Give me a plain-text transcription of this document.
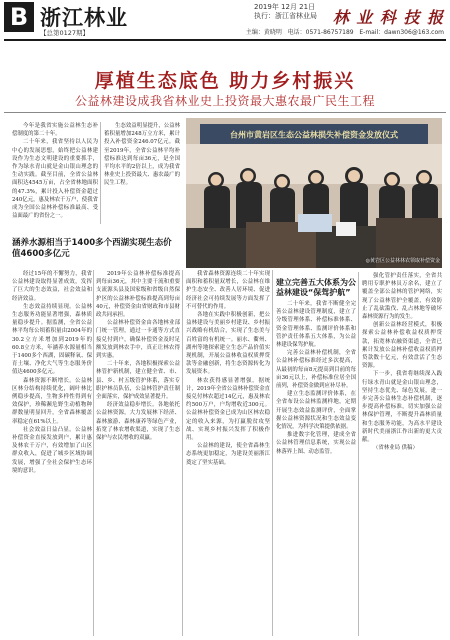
B 浙江林业
【总第0127期】
2019年 12月 21日
执行：浙江省林业局 林 业 科 技 报
主编：黄晓明 电话：0571-86757189 E-mail：dawn306@163.com
厚植生态底色 助力乡村振兴
公益林建设成我省林业史上投资最大惠农最广民生工程

今年是我省实施公益林生态补偿制度的第二十年。

二十年来，我省坚持以人民为中心的发展思想，始终把公益林建设作为生态文明建设的重要抓手，作为绿水青山就是金山银山理念的生动实践。截至目前，全省公益林面积达4545万亩，占全省林地面积的47.3%，累计投入补偿资金超过240亿元，惠及林农千万户，使我省成为全国公益林补偿标准最高、受益面最广的省份之一。

生态效益明显提升，公益林蓄积量增加248万立方米，累计投入补偿资金246.07亿元。截至2019年，全省公益林平均补偿标准达到每亩36元，是全国平均水平的2倍以上，成为我省林业史上投资最大、惠农最广的民生工程。

台州市黄岩区生态公益林损失补偿资金发放仪式
◎黄岩区公益林林农领取补偿资金
涵养水源相当于1400多个西湖实现生态价值4600多亿元

经过15年的不懈努力，我省公益林建设取得显著成效，发挥了巨大的生态效益，社会效益和经济效益。

生态效益持续显现。公益林生态服务功能显著增强，森林质量稳步提升。据监测，全省公益林平均每公顷蓄积量由2004年的30.2立方米增加到2019年的60.8立方米，年涵养水源量相当于1400多个西湖，固碳释氧、保育土壤、净化大气等生态服务价值达4600多亿元。

森林资源不断增长。公益林区林分结构持续优化，阔叶林比例稳步提高，生物多样性得到有效保护，珍稀濒危野生动植物种群数量明显回升，全省森林覆盖率稳定在61%以上。

社会效益日益凸显。公益林补偿资金直接发放到户，累计惠及林农千万户，有效增加了山区群众收入，促进了城乡区域协调发展，增强了全社会保护生态环境的意识。

2019年公益林补偿标准提高到每亩36元，其中主要干流和重要支流源头县及国家级和省级自然保护区的公益林补偿标准提高到每亩40元，补偿资金由省财政和市县财政共同承担。

公益林补偿资金由各地林业部门统一管理，通过一卡通等方式直接兑付到户，确保补偿资金及时足额发放到林农手中，真正让林农得到实惠。

二十年来，各地积极探索公益林管护新机制，建立健全省、市、县、乡、村五级管护体系，落实专职护林员队伍，公益林管护责任制全面落实，保护成效显著提升。

经济效益稳步增长。各地依托公益林资源，大力发展林下经济、森林旅游、森林康养等绿色产业，拓宽了林农增收渠道，实现了生态保护与农民增收的双赢。

我省森林资源连续二十年实现面积和蓄积量双增长，公益林在维护生态安全、改善人居环境、促进经济社会可持续发展等方面发挥了不可替代的作用。

各地在实践中积极创新，把公益林建设与美丽乡村建设、乡村振兴战略有机结合，实现了生态美与百姓富的有机统一。丽水、衢州、湖州等地探索建立生态产品价值实现机制，开展公益林收益权质押贷款等金融创新，将生态资源转化为发展资本。

林农获得感显著增强。据统计，2019年全省公益林补偿资金直接兑付林农超过14亿元，惠及林农约500万户，户均增收近300元。公益林补偿资金已成为山区林农稳定的收入来源，为打赢脱贫攻坚战、实现乡村振兴发挥了积极作用。

公益林的建设，使全省森林生态系统更加稳定，为建设美丽浙江奠定了坚实基础。

建立完善五大体系为公益林建设“保驾护航”

二十年来，我省不断健全完善公益林建设管理制度，建立了分级管理体系、补偿标准体系、资金管理体系、监测评价体系和管护责任体系五大体系，为公益林建设保驾护航。

完善公益林补偿机制，全省公益林补偿标准经过多次提高，从最初的每亩8元提高到目前的每亩36元以上，补偿标准位居全国前列，补偿资金做到应补尽补。

建立生态监测评价体系，在全省布设公益林监测样地，定期开展生态效益监测评价，全面掌握公益林资源状况和生态效益变化情况，为科学决策提供依据。

推进数字化管理，建成全省公益林管理信息系统，实现公益林落界上图、动态监管。

强化管护责任落实，全省共聘用专职护林员万余名，建立了覆盖全部公益林的管护网络，实现了公益林管护全覆盖，有效防止了乱砍滥伐、乱占林地等破坏森林资源行为的发生。

创新公益林经营模式，积极探索公益林补偿收益权质押贷款，拓宽林农融资渠道，全省已累计发放公益林补偿收益权质押贷款数十亿元，有效盘活了生态资源。

下一步，我省将继续深入践行绿水青山就是金山银山理念，坚持生态优先、绿色发展，进一步完善公益林生态补偿机制，逐步提高补偿标准，切实加强公益林保护管理，不断提升森林质量和生态服务功能，为高水平建设新时代美丽浙江作出新的更大贡献。

（省林业局 供稿）
